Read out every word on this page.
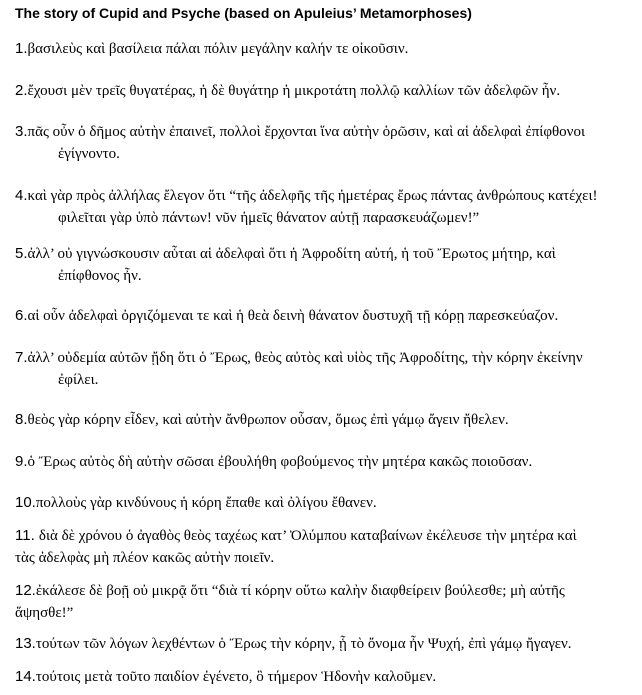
The story of Cupid and Psyche (based on Apuleius’ Metamorphoses)
1.βασιλεὺς καὶ βασίλεια πάλαι πόλιν μεγάλην καλήν τε οἰκοῦσιν.
2.ἔχουσι μὲν τρεῖς θυγατέρας, ἡ δὲ θυγάτηρ ἡ μικροτάτη πολλῷ καλλίων τῶν ἀδελφῶν ἦν.
3.πᾶς οὖν ὁ δῆμος αὐτὴν ἐπαινεῖ, πολλοὶ ἔρχονται ἵνα αὐτὴν ὁρῶσιν, καὶ αἱ ἀδελφαὶ ἐπίφθονοι
ἐγίγνοντο.
4.καὶ γὰρ πρὸς ἀλλήλας ἔλεγον ὅτι “τῆς ἀδελφῆς τῆς ἡμετέρας ἔρως πάντας ἀνθρώπους κατέχει!
φιλεῖται γὰρ ὑπὸ πάντων! νῦν ἡμεῖς θάνατον αὐτῇ παρασκευάζωμεν!”
5.ἀλλ’ οὐ γιγνώσκουσιν αὗται αἱ ἀδελφαὶ ὅτι ἡ Ἀφροδίτη αὐτή, ἡ τοῦ Ἔρωτος μήτηρ, καὶ
ἐπίφθονος ἦν.
6.αἱ οὖν ἀδελφαὶ ὀργιζόμεναι τε καὶ ἡ θεὰ δεινὴ θάνατον δυστυχῆ τῇ κόρῃ παρεσκεύαζον.
7.ἀλλ’ οὐδεμία αὐτῶν ᾔδη ὅτι ὁ Ἔρως, θεὸς αὐτὸς καὶ υἱὸς τῆς Ἀφροδίτης, τὴν κόρην ἐκείνην
ἐφίλει.
8.θεὸς γὰρ κόρην εἶδεν, καὶ αὐτὴν ἄνθρωπον οὖσαν, ὅμως ἐπὶ γάμῳ ἄγειν ἤθελεν.
9.ὁ Ἔρως αὐτὸς δὴ αὐτὴν σῶσαι ἐβουλήθη φοβούμενος τὴν μητέρα κακῶς ποιοῦσαν.
10.πολλοὺς γὰρ κινδύνους ἡ κόρη ἔπαθε καὶ ὀλίγου ἔθανεν.
11. διὰ δὲ χρόνου ὁ ἀγαθὸς θεὸς ταχέως κατ’ Ὀλύμπου καταβαίνων ἐκέλευσε τὴν μητέρα καὶ
τὰς ἀδελφὰς μὴ πλέον κακῶς αὐτὴν ποιεῖν.
12.ἐκάλεσε δὲ βοῇ οὐ μικρᾷ ὅτι “διὰ τί κόρην οὕτω καλὴν διαφθείρειν βούλεσθε; μὴ αὐτῆς
ἅψησθε!”
13.τούτων τῶν λόγων λεχθέντων ὁ Ἔρως τὴν κόρην, ᾗ τὸ ὄνομα ἦν Ψυχή, ἐπὶ γάμῳ ἤγαγεν.
14.τούτοις μετὰ τοῦτο παιδίον ἐγένετο, ὃ τήμερον Ἡδονὴν καλοῦμεν.
